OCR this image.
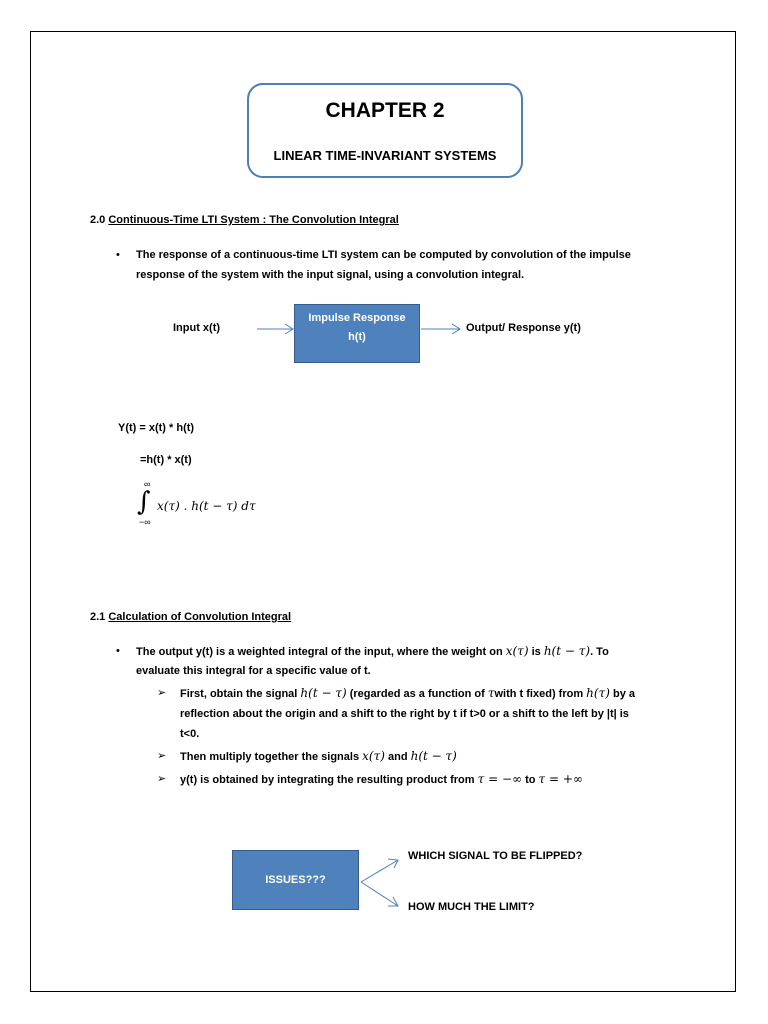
CHAPTER 2
LINEAR TIME-INVARIANT SYSTEMS
2.0 Continuous-Time LTI System : The Convolution Integral
• The response of a continuous-time LTI system can be computed by convolution of the impulse
response of the system with the input signal, using a convolution integral.
Input x(t)
Impulse Response
h(t)
Output/ Response y(t)
Y(t) = x(t) * h(t)
=h(t) * x(t)
∞
∫
−∞
x(τ) . h(t − τ) dτ
2.1 Calculation of Convolution Integral
• The output y(t) is a weighted integral of the input, where the weight on x(τ) is h(t − τ). To
evaluate this integral for a specific value of t.
➢ First, obtain the signal h(t − τ) (regarded as a function of τwith t fixed) from h(τ) by a
reflection about the origin and a shift to the right by t if t>0 or a shift to the left by |t| is
t<0.
➢ Then multiply together the signals x(τ) and h(t − τ)
➢ y(t) is obtained by integrating the resulting product from τ = −∞ to τ = +∞
ISSUES???
WHICH SIGNAL TO BE FLIPPED?
HOW MUCH THE LIMIT?
